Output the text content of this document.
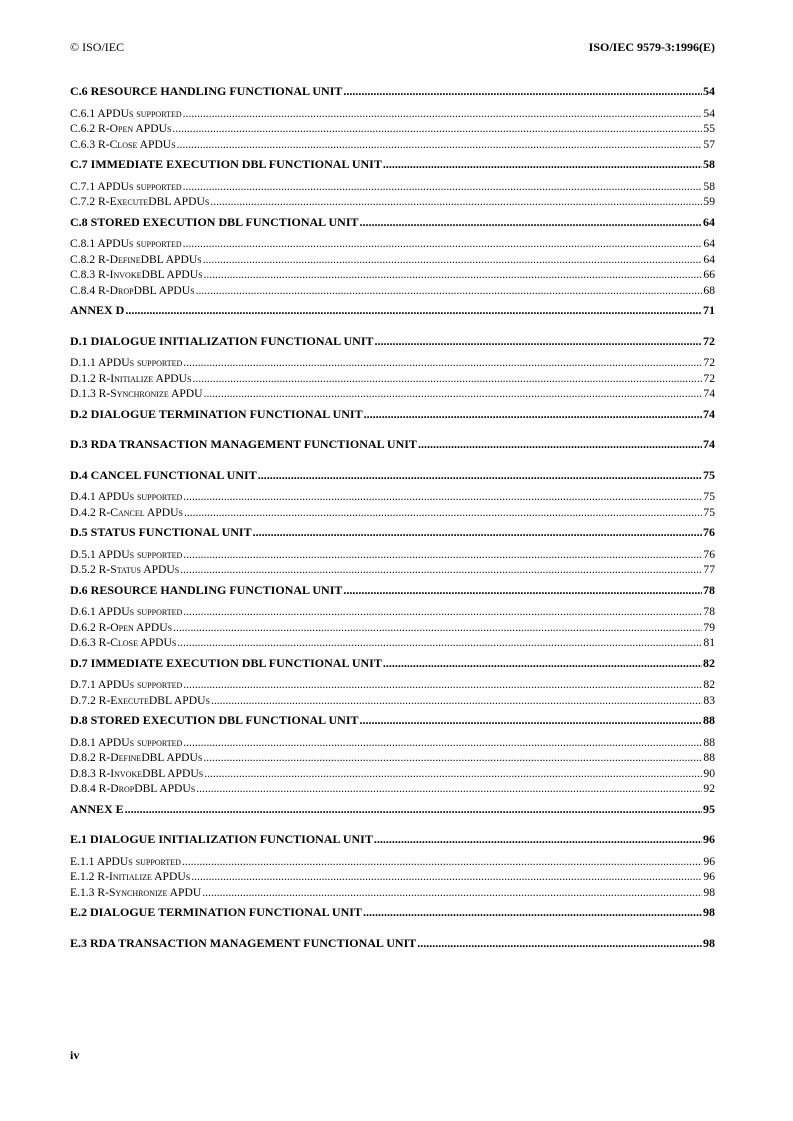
© ISO/IEC	ISO/IEC 9579-3:1996(E)
C.6 RESOURCE HANDLING FUNCTIONAL UNIT .....	54
C.6.1 APDUs supported .....	54
C.6.2 R-Open APDUs .....	55
C.6.3 R-Close APDUs .....	57
C.7 IMMEDIATE EXECUTION DBL FUNCTIONAL UNIT .....	58
C.7.1 APDUs supported .....	58
C.7.2 R-ExecuteDBL APDUs .....	59
C.8 STORED EXECUTION DBL FUNCTIONAL UNIT .....	64
C.8.1 APDUs supported .....	64
C.8.2 R-DefineDBL APDUs .....	64
C.8.3 R-InvokeDBL APDUs .....	66
C.8.4 R-DropDBL APDUs .....	68
ANNEX D .....	71
D.1 DIALOGUE INITIALIZATION FUNCTIONAL UNIT .....	72
D.1.1 APDUs supported .....	72
D.1.2 R-Initialize APDUs .....	72
D.1.3 R-Synchronize APDU .....	74
D.2 DIALOGUE TERMINATION FUNCTIONAL UNIT .....	74
D.3 RDA TRANSACTION MANAGEMENT FUNCTIONAL UNIT .....	74
D.4 CANCEL FUNCTIONAL UNIT .....	75
D.4.1 APDUs supported .....	75
D.4.2 R-Cancel APDUs .....	75
D.5 STATUS FUNCTIONAL UNIT .....	76
D.5.1 APDUs supported .....	76
D.5.2 R-Status APDUs .....	77
D.6 RESOURCE HANDLING FUNCTIONAL UNIT .....	78
D.6.1 APDUs supported .....	78
D.6.2 R-Open APDUs .....	79
D.6.3 R-Close APDUs .....	81
D.7 IMMEDIATE EXECUTION DBL FUNCTIONAL UNIT .....	82
D.7.1 APDUs supported .....	82
D.7.2 R-ExecuteDBL APDUs .....	83
D.8 STORED EXECUTION DBL FUNCTIONAL UNIT .....	88
D.8.1 APDUs supported .....	88
D.8.2 R-DefineDBL APDUs .....	88
D.8.3 R-InvokeDBL APDUs .....	90
D.8.4 R-DropDBL APDUs .....	92
ANNEX E .....	95
E.1 DIALOGUE INITIALIZATION FUNCTIONAL UNIT .....	96
E.1.1 APDUs supported .....	96
E.1.2 R-Initialize APDUs .....	96
E.1.3 R-Synchronize APDU .....	98
E.2 DIALOGUE TERMINATION FUNCTIONAL UNIT .....	98
E.3 RDA TRANSACTION MANAGEMENT FUNCTIONAL UNIT .....	98
iv
